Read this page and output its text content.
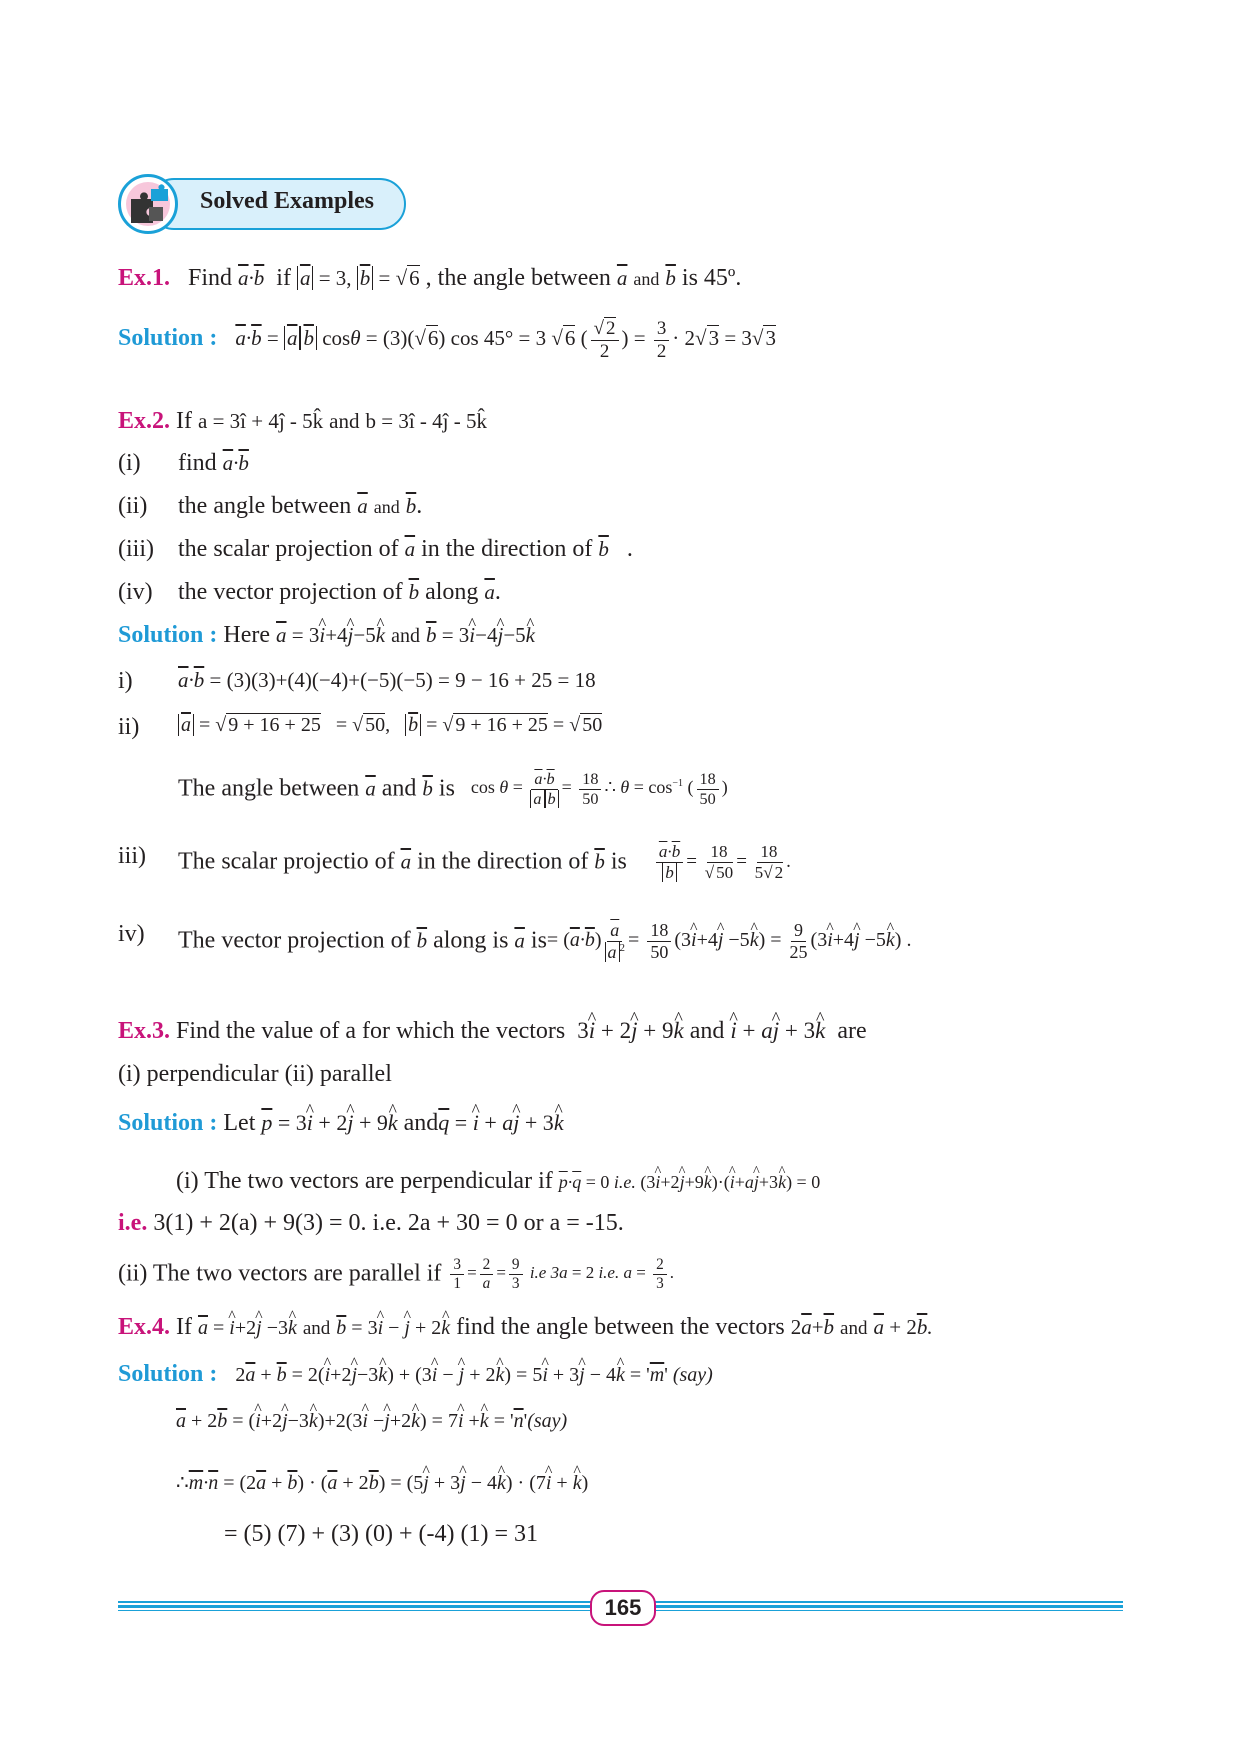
Solved Examples
Ex.1. Find $\overline{a}\cdot\overline{b}$ if $\overline{a} = 3$, $\overline{b} = √6$ , the angle between $\overline{a}$ and $\overline{b}$ is 45º.
Solution : $\overline{a}\cdot\overline{b} = \overline{a}$ $\overline{b}$ cosθ = (3)(√6) cos 45° = 3 √6 ( $\frac{√ 2}{2}$ ) = $\frac{3}{2} \cdot 2√3 = 3√3$
Ex.2. If a = 3î + 4ĵ - 5k̂ and b = 3î - 4ĵ - 5k̂
(i) find $\overline{a}\cdot\overline{b}$
(ii) the angle between $\overline{a}$ and $\overline{b}$.
(iii) the scalar projection of $\overline{a}$ in the direction of $\overline{b}$   .
(iv) the vector projection of $\overline{b}$ along $\overline{a}$.
Solution : Here $\overline{a}$ = 3^ i+4^ j−5^ k and $\overline{b}$ = 3^ i−4^ j−5^ k
i) $\overline{a}\cdot\overline{b} = (3)(3)+(4)(-4)+(-5)(-5) = 9 - 16 + 25 = 18$
ii) $\overline{a}$ = √ 9 + 16 + 25   = √ 50, $\overline{b}$ = √ 9 + 16 + 25 = √ 50
The angle between $\overline{a}$ and $\overline{b}$ is $\cos \theta = \frac{\overline{a}\cdot\overline{b}}{\overline{a} \overline{b}} = \frac{18}{50}$ ∴ $\theta = \cos^{-1}$ ( $\frac{18}{50}$ )
iii) The scalar projectio of $\overline{a}$ in the direction of $\overline{b}$ is $\frac{\overline{a}\cdot\overline{b}}{b} = \frac{18}{√ 50} = \frac{18}{5√ 2}$ .
iv) The vector projection of $\overline{b}$ along is $\overline{a}$ $is= (\overline{a}\cdot\overline{b}) \frac{\overline{a}}{\overline{a} ^2} = \frac{18}{50}$ (3^ i+4^ j −5^ $k) = \frac{9}{25}$ (3^ i+4^ j −5^ k) .
Ex.3. Find the value of a for which the vectors 3^ i + 2^ j + 9^ k and ^ i + a^ j + 3^ k are
(i) perpendicular (ii) parallel
Solution : Let $\overline{p}$ = 3^ i + 2^ j + 9^ k $and\overline{q}$ = ^ i + a^ j + 3^ k
(i) The two vectors are perpendicular if $\overline{p}\cdot\overline{q} = 0$ i.e. (3^ i+2^ j+9^ k)·(^ i+a^ j+3^ k) = 0
i.e. 3(1) + 2(a) + 9(3) = 0. i.e. 2a + 30 = 0 or a = -15.
(ii) The two vectors are parallel if $\frac{3}{1} = \frac{2}{a} = \frac{9}{3} i.e$ 3a = 2 i.e. $a = \frac{2}{3}$ .
Ex.4. If $\overline{a}$ = ^ i+2^ j −3^ k and $\overline{b}$ = 3^ i − ^ j + 2^ k find the angle between the vectors $2\overline{a}+\overline{b}$ and $\overline{a} + 2\overline{b}$.
Solution : $2\overline{a} + \overline{b}$ = 2(^ i+2^ j−3^ k) + (3^ i − ^ j + 2^ k) = 5^ i + 3^ j − 4^ $k = '\overline{m}'$ (say)
$\overline{a} + 2\overline{b}$ = (^ i+2^ j−3^ k)+2(3^ i −^ j+2^ k) = 7^ i +^ $k = '\overline{n}'(say)$
$\therefore\overline{m}\cdot\overline{n} = (2\overline{a} + \overline{b}) \cdot (\overline{a} + 2\overline{b})$ = (5^ j + 3^ j − 4^ k) · (7^ i + ^ k)
= (5) (7) + (3) (0) + (-4) (1) = 31
165
